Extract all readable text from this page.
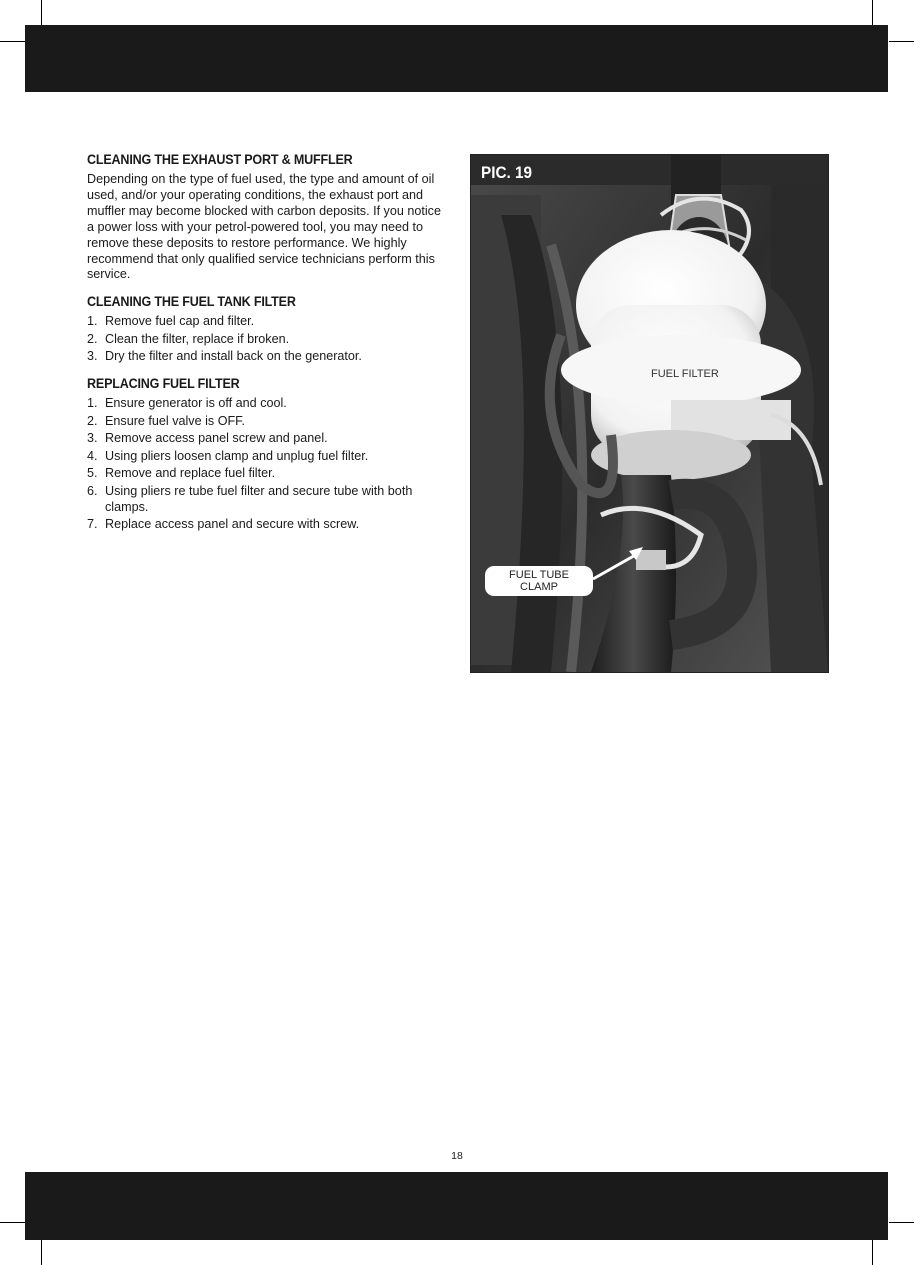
CLEANING THE EXHAUST PORT & MUFFLER

Depending on the type of fuel used, the type and amount of oil used, and/or your operating conditions, the exhaust port and muffler may become blocked with carbon deposits. If you notice a power loss with your petrol-powered tool, you may need to remove these deposits to restore performance. We highly recommend that only qualified service technicians perform this service.

CLEANING THE FUEL TANK FILTER
1. Remove fuel cap and filter.
2. Clean the filter, replace if broken.
3. Dry the filter and install back on the generator.
REPLACING FUEL FILTER
1. Ensure generator is off and cool.
2. Ensure fuel valve is OFF.
3. Remove access panel screw and panel.
4. Using pliers loosen clamp and unplug fuel filter.
5. Remove and replace fuel filter.
6. Using pliers re tube fuel filter and secure tube with both clamps.
7. Replace access panel and secure with screw.
PIC. 19
FUEL FILTER
FUEL TUBE
CLAMP
18
